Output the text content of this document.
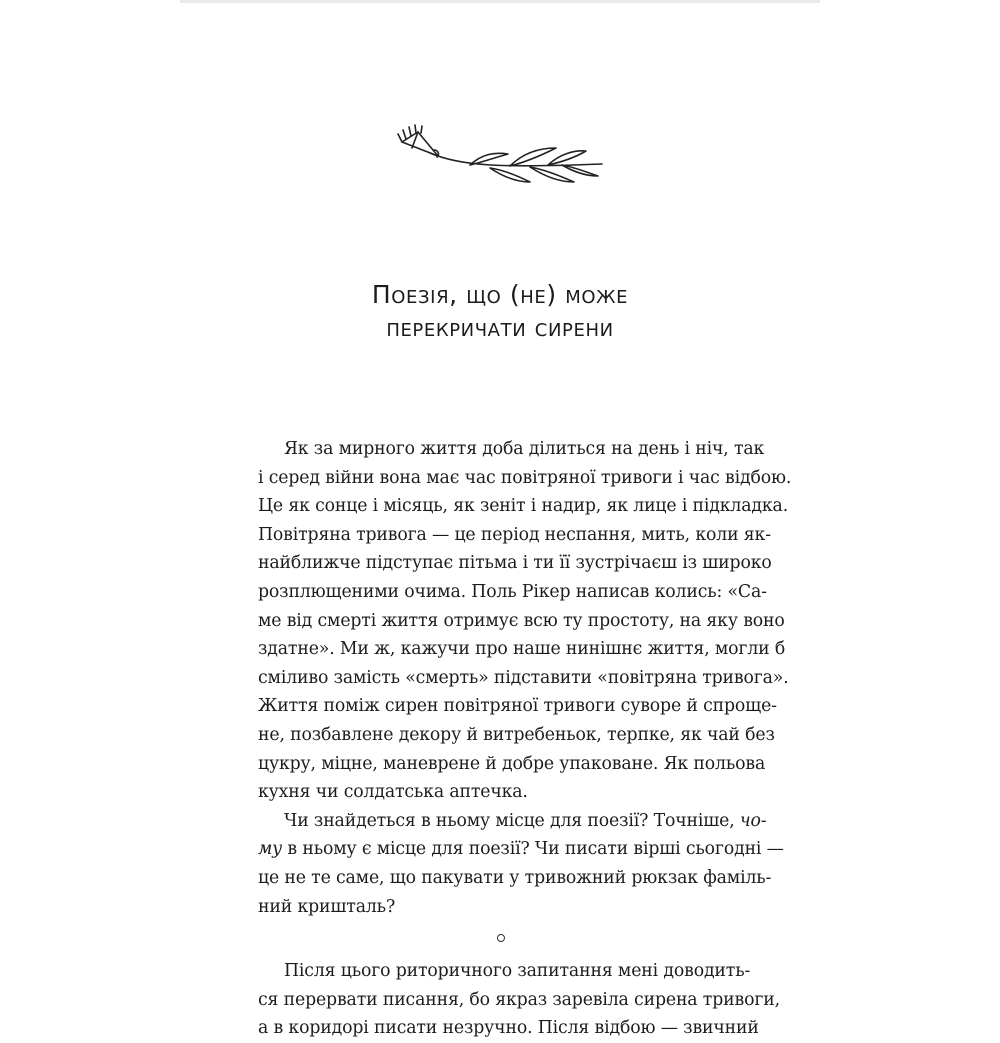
Поезія, що (не) може
перекричати сирени
Як за мирного життя доба ділиться на день і ніч, так
і серед війни вона має час повітряної тривоги і час відбою.
Це як сонце і місяць, як зеніт і надир, як лице і підкладка.
Повітряна тривога — це період неспання, мить, коли як-
найближче підступає пітьма і ти її зустрічаєш із широко
розплющеними очима. Поль Рікер написав колись: «Са-
ме від смерті життя отримує всю ту простоту, на яку воно
здатне». Ми ж, кажучи про наше нинішнє життя, могли б
сміливо замість «смерть» підставити «повітряна тривога».
Життя поміж сирен повітряної тривоги суворе й спроще-
не, позбавлене декору й витребеньок, терпке, як чай без
цукру, міцне, маневрене й добре упаковане. Як польова
кухня чи солдатська аптечка.
Чи знайдеться в ньому місце для поезії? Точніше, чо-
му в ньому є місце для поезії? Чи писати вірші сьогодні —
це не те саме, що пакувати у тривожний рюкзак фаміль-
ний кришталь?
Після цього риторичного запитання мені доводить-
ся перервати писання, бо якраз заревіла сирена тривоги,
а в коридорі писати незручно. Після відбою — звичний
